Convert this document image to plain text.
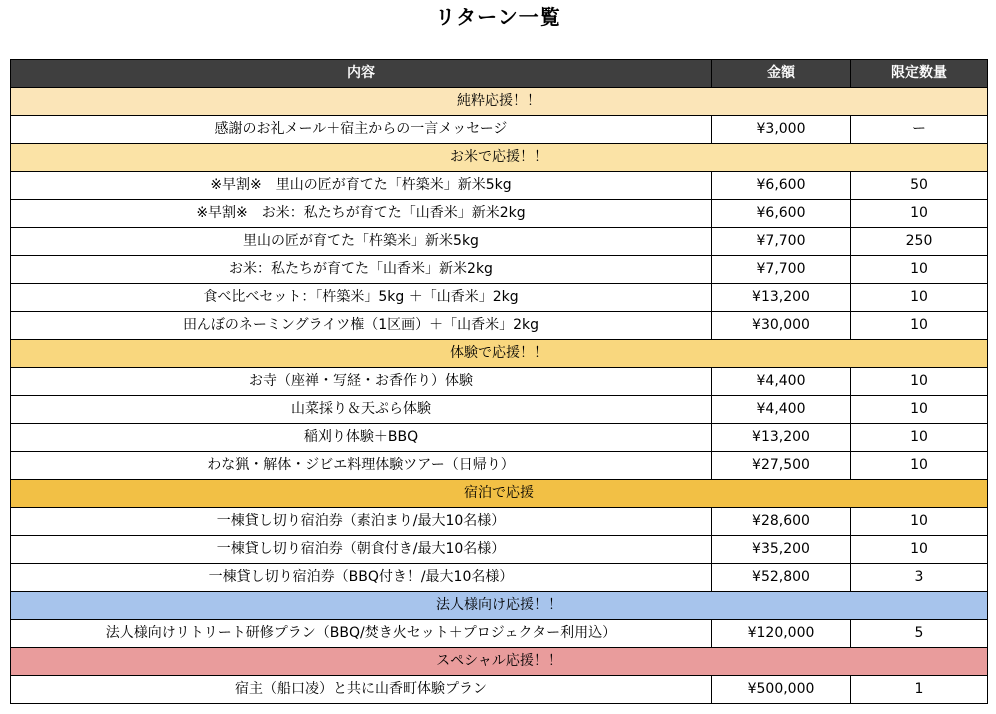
リターン一覧
内容	金額	限定数量
純粋応援！！		
感謝のお礼メール＋宿主からの一言メッセージ	¥3,000	ー
お米で応援！！		
※早割※　里山の匠が育てた「杵築米」新米5kg	¥6,600	50
※早割※　お米：私たちが育てた「山香米」新米2kg	¥6,600	10
里山の匠が育てた「杵築米」新米5kg	¥7,700	250
お米：私たちが育てた「山香米」新米2kg	¥7,700	10
食べ比べセット：「杵築米」5kg ＋「山香米」2kg	¥13,200	10
田んぼのネーミングライツ権（1区画）＋「山香米」2kg	¥30,000	10
体験で応援！！		
お寺（座禅・写経・お香作り）体験	¥4,400	10
山菜採り＆天ぷら体験	¥4,400	10
稲刈り体験＋BBQ	¥13,200	10
わな猟・解体・ジビエ料理体験ツアー（日帰り）	¥27,500	10
宿泊で応援		
一棟貸し切り宿泊券（素泊まり/最大10名様）	¥28,600	10
一棟貸し切り宿泊券（朝食付き/最大10名様）	¥35,200	10
一棟貸し切り宿泊券（BBQ付き！/最大10名様）	¥52,800	3
法人様向け応援！！		
法人様向けリトリート研修プラン（BBQ/焚き火セット＋プロジェクター利用込）	¥120,000	5
スペシャル応援！！		
宿主（船口凌）と共に山香町体験プラン	¥500,000	1
